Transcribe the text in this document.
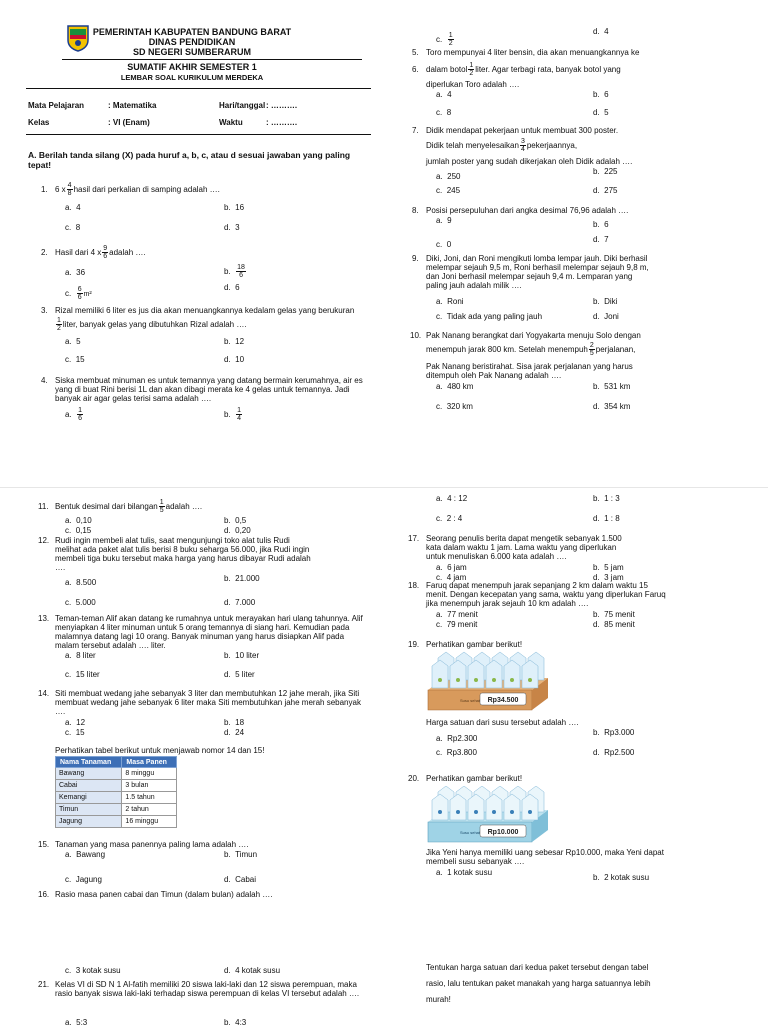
PEMERINTAH KABUPATEN BANDUNG BARAT
DINAS PENDIDIKAN
SD NEGERI SUMBERARUM
SUMATIF AKHIR SEMESTER 1
LEMBAR SOAL KURIKULUM MERDEKA
Mata Pelajaran	: Matematika	Hari/tanggal : ……….
Kelas	: VI (Enam)	Waktu	: ……….
A. Berilah tanda silang (X) pada huruf a, b, c, atau d sesuai jawaban yang paling tepat!
1. 6 x $\frac{4}{8}$ hasil dari perkalian di samping adalah ….
a. 4	b. 16
c. 8	d. 3
2. Hasil dari 4 x $\frac{9}{6}$ adalah ….
a. 36	b. $\frac{18}{6}$
c. $\frac{6}{6} m^2$
d. 6
3. Rizal memiliki 6 liter es jus dia akan menuangkannya kedalam gelas yang berukuran
$\frac{1}{2}$ liter, banyak gelas yang dibutuhkan Rizal adalah ….
a. 5	b. 12
c. 15	d. 10
4. Siska membuat minuman es untuk temannya yang datang bermain kerumahnya, air es yang di buat Rini berisi 1L dan akan dibagi merata ke 4 gelas untuk temannya. Jadi banyak air agar gelas terisi sama adalah ….
a. $\frac{1}{6}$	b. $\frac{1}{4}$
c. $\frac{1}{2}$
d. 4
5. Toro mempunyai 4 liter bensin, dia akan menuangkannya ke
6. dalam botol $\frac{1}{2}$ liter. Agar terbagi rata, banyak botol yang
diperlukan Toro adalah ….
a. 4	b. 6
c. 8	d. 5
7. Didik mendapat pekerjaan untuk membuat 300 poster.
Didik telah menyelesaikan $\frac{3}{4}$ pekerjaannya,
jumlah poster yang sudah dikerjakan oleh Didik adalah ….
a. 250
b. 225
c. 245	d. 275
8. Posisi persepuluhan dari angka desimal 76,96 adalah ….
a. 9	b. 6
c. 0
d. 7
9. Diki, Joni, dan Roni mengikuti lomba lempar jauh. Diki berhasil melempar sejauh 9,5 m, Roni berhasil melempar sejauh 9,8 m, dan Joni berhasil melempar sejauh 9,4 m. Lemparan yang paling jauh adalah milik ….
a. Roni	b. Diki
c. Tidak ada yang paling jauh	d. Joni
10. Pak Nanang berangkat dari Yogyakarta menuju Solo dengan
menempuh jarak 800 km. Setelah menempuh $\frac{2}{5}$ perjalanan,
Pak Nanang beristirahat. Sisa jarak perjalanan yang harus ditempuh oleh Pak Nanang adalah ….
a. 480 km	b. 531 km
c. 320 km	d. 354 km
11. Bentuk desimal dari bilangan $\frac{1}{5}$ adalah ….
a. 0,10	b. 0,5
c. 0,15	d. 0,20
12. Rudi ingin membeli alat tulis, saat mengunjungi toko alat tulis Rudi melihat ada paket alat tulis berisi 8 buku seharga 56.000, jika Rudi ingin membeli tiga buku tersebut maka harga yang harus dibayar Rudi adalah ….
a. 8.500	b. 21.000
c. 5.000	d. 7.000
13. Teman-teman Alif akan datang ke rumahnya untuk merayakan hari ulang tahunnya. Alif menyiapkan 4 liter minuman untuk 5 orang temannya di siang hari. Kemudian pada malamnya datang lagi 10 orang. Banyak minuman yang harus disiapkan Alif pada malam tersebut adalah …. liter.
a. 8 liter	b. 10 liter
c. 15 liter	d. 5 liter
14. Siti membuat wedang jahe sebanyak 3 liter dan membutuhkan 12 jahe merah, jika Siti membuat wedang jahe sebanyak 6 liter maka Siti membutuhkan jahe merah sebanyak ….
a. 12	b. 18
c. 15	d. 24
Perhatikan tabel berikut untuk menjawab nomor 14 dan 15!
Nama Tanaman	Masa Panen
Bawang	8 minggu
Cabai	3 bulan
Kemangi	1.5 tahun
Timun	2 tahun
Jagung	16 minggu
15. Tanaman yang masa panennya paling lama adalah ….
a. Bawang	b. Timun
c. Jagung	d. Cabai
16. Rasio masa panen cabai dan Timun (dalam bulan) adalah ….
c. 3 kotak susu	d. 4 kotak susu
21. Kelas VI di SD N 1 Al-fatih memiliki 20 siswa laki-laki dan 12 siswa perempuan, maka rasio banyak siswa laki-laki terhadap siswa perempuan di kelas VI tersebut adalah ….
a. 5:3	b. 4:3
a. 4 : 12	b. 1 : 3
c. 2 : 4	d. 1 : 8
17. Seorang penulis berita dapat mengetik sebanyak 1.500 kata dalam waktu 1 jam. Lama waktu yang diperlukan untuk menuliskan 6.000 kata adalah ….
a. 6 jam	b. 5 jam
c. 4 jam	d. 3 jam
18. Faruq dapat menempuh jarak sepanjang 2 km dalam waktu 15 menit. Dengan kecepatan yang sama, waktu yang diperlukan Faruq jika menempuh jarak sejauh 10 km adalah ….
a. 77 menit	b. 75 menit
c. 79 menit	d. 85 menit
19. Perhatikan gambar berikut!
Susu sehat Rp34.500
Harga satuan dari susu tersebut adalah ….
a. Rp2.300
b. Rp3.000
c. Rp3.800	d. Rp2.500
20. Perhatikan gambar berikut!
Susu sehat Rp10.000
Jika Yeni hanya memiliki uang sebesar Rp10.000, maka Yeni dapat membeli susu sebanyak ….
a. 1 kotak susu
b. 2 kotak susu
Tentukan harga satuan dari kedua paket tersebut dengan tabel rasio, lalu tentukan paket manakah yang harga satuannya lebih murah!
